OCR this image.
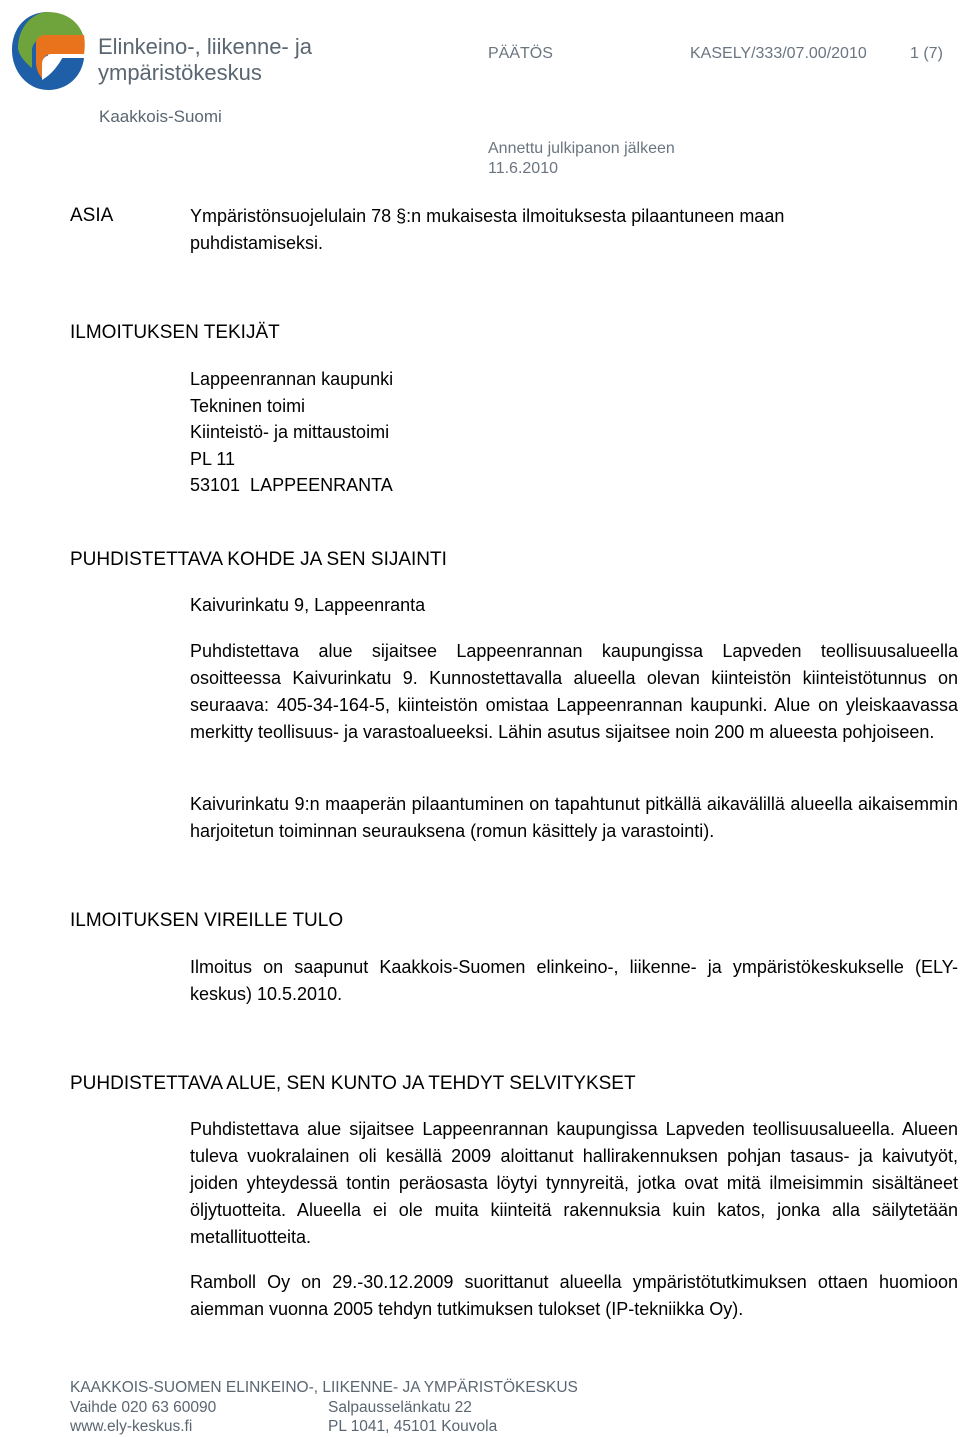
Elinkeino-, liikenne- ja
ympäristökeskus
Kaakkois-Suomi
PÄÄTÖS	KASELY/333/07.00/2010	1 (7)
Annettu julkipanon jälkeen
11.6.2010
ASIA	Ympäristönsuojelulain 78 §:n mukaisesta ilmoituksesta pilaantuneen maan
puhdistamiseksi.
ILMOITUKSEN TEKIJÄT
Lappeenrannan kaupunki
Tekninen toimi
Kiinteistö- ja mittaustoimi
PL 11
53101  LAPPEENRANTA
PUHDISTETTAVA KOHDE JA SEN SIJAINTI
Kaivurinkatu 9, Lappeenranta
Puhdistettava alue sijaitsee Lappeenrannan kaupungissa Lapveden teollisuusalueella osoitteessa Kaivurinkatu 9. Kunnostettavalla alueella olevan kiinteistön kiinteistötunnus on seuraava: 405-34-164-5, kiinteistön omistaa Lappeenrannan kaupunki. Alue on yleiskaavassa merkitty teollisuus- ja varastoalueeksi. Lähin asutus sijaitsee noin 200 m alueesta pohjoiseen.
Kaivurinkatu 9:n maaperän pilaantuminen on tapahtunut pitkällä aikavälillä alueella aikaisemmin harjoitetun toiminnan seurauksena (romun käsittely ja varastointi).
ILMOITUKSEN VIREILLE TULO
Ilmoitus on saapunut Kaakkois-Suomen elinkeino-, liikenne- ja ympäristökeskukselle (ELY-keskus) 10.5.2010.
PUHDISTETTAVA ALUE, SEN KUNTO JA TEHDYT SELVITYKSET
Puhdistettava alue sijaitsee Lappeenrannan kaupungissa Lapveden teollisuusalueella. Alueen tuleva vuokralainen oli kesällä 2009 aloittanut hallirakennuksen pohjan tasaus- ja kaivutyöt, joiden yhteydessä tontin peräosasta löytyi tynnyreitä, jotka ovat mitä ilmeisimmin sisältäneet öljytuotteita. Alueella ei ole muita kiinteitä rakennuksia kuin katos, jonka alla säilytetään metallituotteita.
Ramboll Oy on 29.-30.12.2009 suorittanut alueella ympäristötutkimuksen ottaen huomioon aiemman vuonna 2005 tehdyn tutkimuksen tulokset (IP-tekniikka Oy).
KAAKKOIS-SUOMEN ELINKEINO-, LIIKENNE- JA YMPÄRISTÖKESKUS
Vaihde 020 63 60090
www.ely-keskus.fi
Salpausselänkatu 22
PL 1041, 45101 Kouvola
